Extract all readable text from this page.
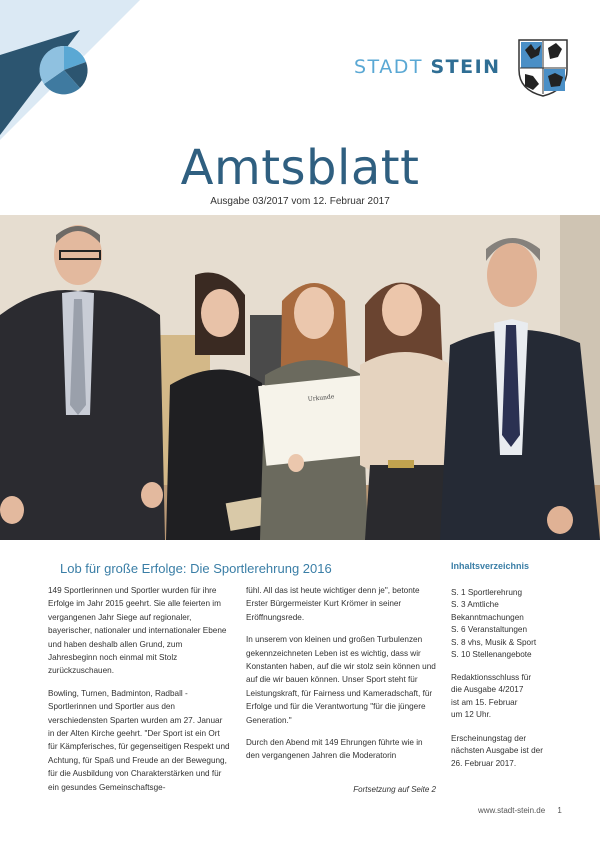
STADT STEIN
Amtsblatt
Ausgabe 03/2017 vom 12. Februar 2017
Urkunde
Lob für große Erfolge: Die Sportlerehrung 2016

149 Sportlerinnen und Sportler wurden für ihre Erfolge im Jahr 2015 geehrt. Sie alle feierten im vergangenen Jahr Siege auf regionaler, bayerischer, nationaler und internationaler Ebene und haben deshalb allen Grund, zum Jahresbeginn noch einmal mit Stolz zurückzuschauen.

Bowling, Turnen, Badminton, Radball - Sportlerinnen und Sportler aus den verschiedensten Sparten wurden am 27. Januar in der Alten Kirche geehrt. "Der Sport ist ein Ort für Kämpferisches, für gegenseitigen Respekt und Achtung, für Spaß und Freude an der Bewegung, für die Ausbildung von Charakterstärken und für ein gesundes Gemeinschaftsge-

fühl. All das ist heute wichtiger denn je", betonte Erster Bürgermeister Kurt Krömer in seiner Eröffnungsrede.

In unserem von kleinen und großen Turbulenzen gekennzeichneten Leben ist es wichtig, dass wir Konstanten haben, auf die wir stolz sein können und auf die wir bauen können. Unser Sport steht für Leistungskraft, für Fairness und Kameradschaft, für Erfolge und für die Verantwortung "für die jüngere Generation."

Durch den Abend mit 149 Ehrungen führte wie in den vergangenen Jahren die Moderatorin

Fortsetzung auf Seite 2
Inhaltsverzeichnis
S. 1 Sportlerehrung
S. 3 Amtliche
Bekanntmachungen
S. 6 Veranstaltungen
S. 8 vhs, Musik & Sport
S. 10 Stellenangebote
Redaktionsschluss für
die Ausgabe 4/2017
ist am 15. Februar
um 12 Uhr.
Erscheinungstag der
nächsten Ausgabe ist der
26. Februar 2017.
www.stadt-stein.de 1
